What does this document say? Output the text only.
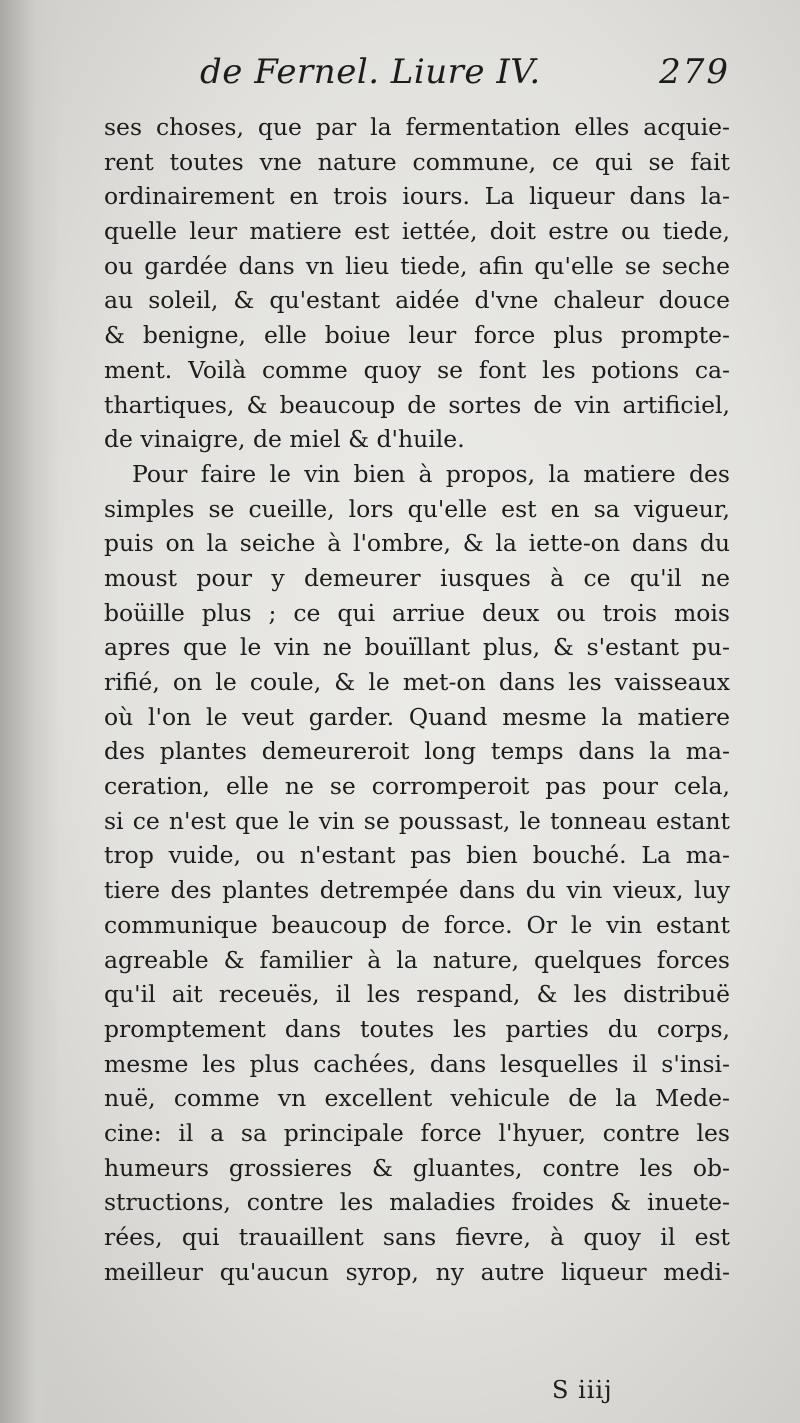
de Fernel. Liure IV.	279
ses choses, que par la fermentation elles acquie-
rent toutes vne nature commune, ce qui se fait
ordinairement en trois iours. La liqueur dans la-
quelle leur matiere est iettée, doit estre ou tiede,
ou gardée dans vn lieu tiede, afin qu'elle se seche
au soleil, & qu'estant aidée d'vne chaleur douce
& benigne, elle boiue leur force plus prompte-
ment. Voilà comme quoy se font les potions ca-
thartiques, & beaucoup de sortes de vin artificiel,
de vinaigre, de miel & d'huile.
Pour faire le vin bien à propos, la matiere des
simples se cueille, lors qu'elle est en sa vigueur,
puis on la seiche à l'ombre, & la iette-on dans du
moust pour y demeurer iusques à ce qu'il ne
boüille plus ; ce qui arriue deux ou trois mois
apres que le vin ne bouïllant plus, & s'estant pu-
rifié, on le coule, & le met-on dans les vaisseaux
où l'on le veut garder. Quand mesme la matiere
des plantes demeureroit long temps dans la ma-
ceration, elle ne se corromperoit pas pour cela,
si ce n'est que le vin se poussast, le tonneau estant
trop vuide, ou n'estant pas bien bouché. La ma-
tiere des plantes detrempée dans du vin vieux, luy
communique beaucoup de force. Or le vin estant
agreable & familier à la nature, quelques forces
qu'il ait receuës, il les respand, & les distribuë
promptement dans toutes les parties du corps,
mesme les plus cachées, dans lesquelles il s'insi-
nuë, comme vn excellent vehicule de la Mede-
cine: il a sa principale force l'hyuer, contre les
humeurs grossieres & gluantes, contre les ob-
structions, contre les maladies froides & inuete-
rées, qui trauaillent sans fievre, à quoy il est
meilleur qu'aucun syrop, ny autre liqueur medi-
S iiij
